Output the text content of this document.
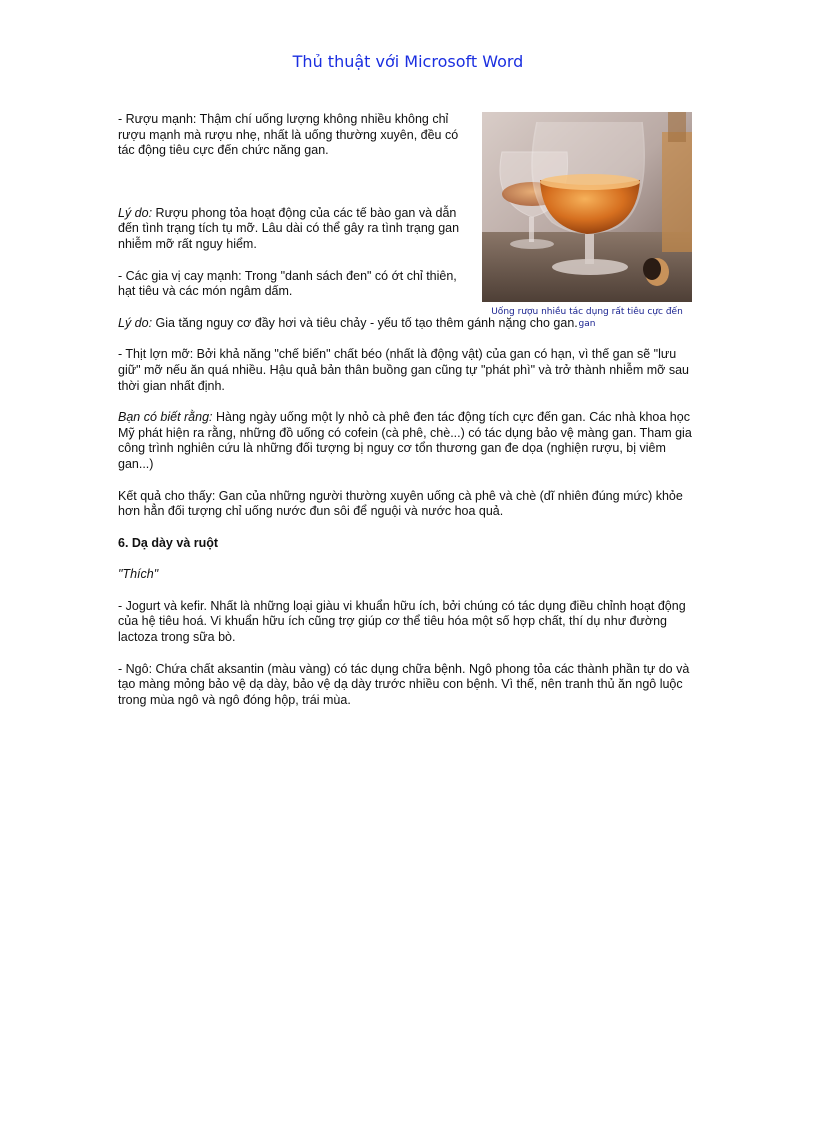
Thủ thuật với Microsoft Word
Uống rượu nhiều tác dụng rất tiêu cực đến gan

- Rượu mạnh: Thậm chí uống lượng không nhiều không chỉ rượu mạnh mà rượu nhẹ, nhất là uống thường xuyên, đều có tác động tiêu cực đến chức năng gan.

Lý do: Rượu phong tỏa hoạt động của các tế bào gan và dẫn đến tình trạng tích tụ mỡ. Lâu dài có thể gây ra tình trạng gan nhiễm mỡ rất nguy hiểm.

- Các gia vị cay mạnh: Trong "danh sách đen" có ớt chỉ thiên, hạt tiêu và các món ngâm dấm.

Lý do: Gia tăng nguy cơ đầy hơi và tiêu chảy - yếu tố tạo thêm gánh nặng cho gan.

- Thịt lợn mỡ: Bởi khả năng "chế biến" chất béo (nhất là động vật) của gan có hạn, vì thế gan sẽ "lưu giữ" mỡ nếu ăn quá nhiều. Hậu quả bản thân buồng gan cũng tự "phát phì" và trở thành nhiễm mỡ sau thời gian nhất định.

Bạn có biết rằng: Hàng ngày uống một ly nhỏ cà phê đen tác động tích cực đến gan. Các nhà khoa học Mỹ phát hiện ra rằng, những đồ uống có cofein (cà phê, chè...) có tác dụng bảo vệ màng gan. Tham gia công trình nghiên cứu là những đối tượng bị nguy cơ tổn thương gan đe dọa (nghiện rượu, bị viêm gan...)

Kết quả cho thấy: Gan của những người thường xuyên uống cà phê và chè (dĩ nhiên đúng mức) khỏe hơn hẳn đối tượng chỉ uống nước đun sôi để nguội và nước hoa quả.

6. Dạ dày và ruột

"Thích"

- Jogurt và kefir. Nhất là những loại giàu vi khuẩn hữu ích, bởi chúng có tác dụng điều chỉnh hoạt động của hệ tiêu hoá. Vi khuẩn hữu ích cũng trợ giúp cơ thể tiêu hóa một số hợp chất, thí dụ như đường lactoza trong sữa bò.

- Ngô: Chứa chất aksantin (màu vàng) có tác dụng chữa bệnh. Ngô phong tỏa các thành phần tự do và tạo màng mỏng bảo vệ dạ dày, bảo vệ dạ dày trước nhiều con bệnh. Vì thế, nên tranh thủ ăn ngô luộc trong mùa ngô và ngô đóng hộp, trái mùa.
